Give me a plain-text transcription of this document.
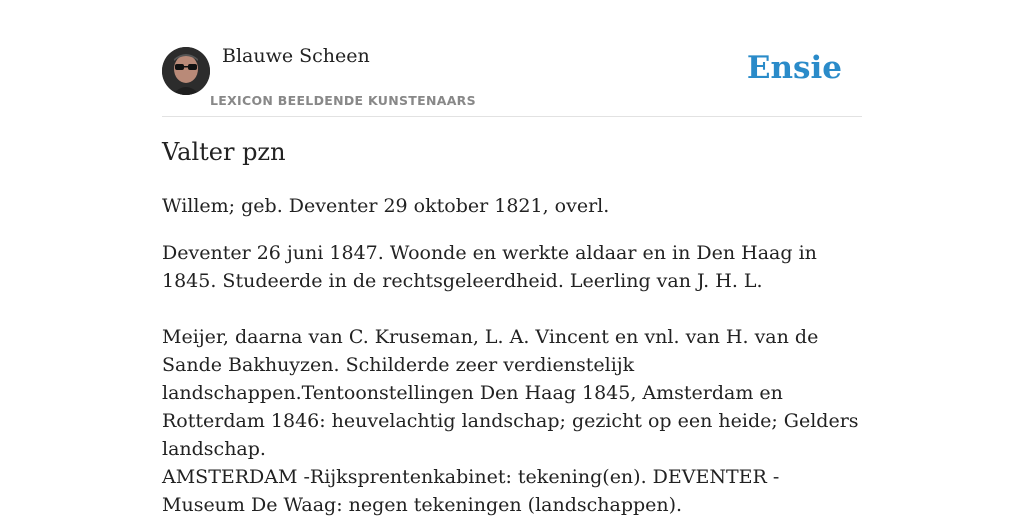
Blauwe Scheen
LEXICON BEELDENDE KUNSTENAARS
Ensie
Valter pzn

Willem; geb. Deventer 29 oktober 1821, overl.

Deventer 26 juni 1847. Woonde en werkte aldaar en in Den Haag in 1845. Studeerde in de rechtsgeleerdheid. Leerling van J. H. L.

Meijer, daarna van C. Kruseman, L. A. Vincent en vnl. van H. van de Sande Bakhuyzen. Schilderde zeer verdienstelijk landschappen.Tentoonstellingen Den Haag 1845, Amsterdam en Rotterdam 1846: heuvelachtig landschap; gezicht op een heide; Gelders landschap.

AMSTERDAM -Rijksprentenkabinet: tekening(en). DEVENTER -Museum De Waag: negen tekeningen (landschappen).
